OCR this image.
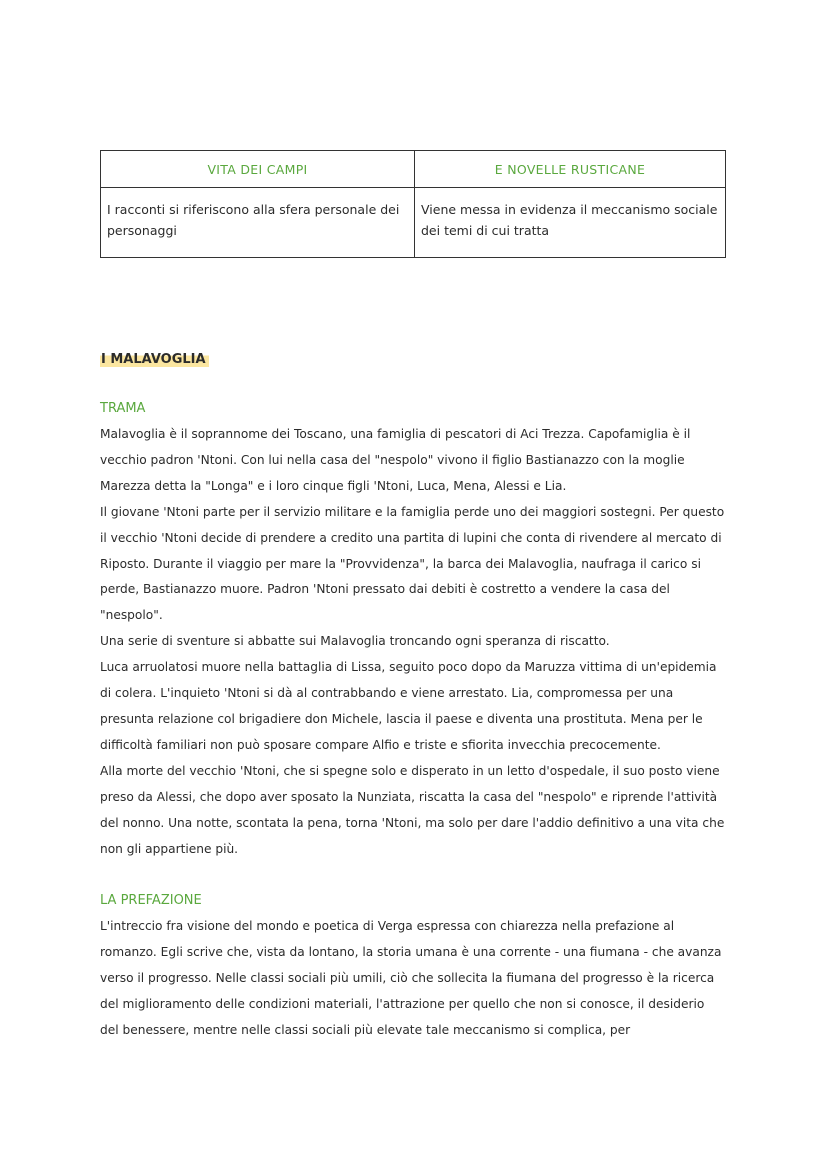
VITA DEI CAMPI	E NOVELLE RUSTICANE
I racconti si riferiscono alla sfera personale dei personaggi	Viene messa in evidenza il meccanismo sociale dei temi di cui tratta
I MALAVOGLIA
TRAMA

Malavoglia è il soprannome dei Toscano, una famiglia di pescatori di Aci Trezza. Capofamiglia è il vecchio padron 'Ntoni. Con lui nella casa del "nespolo" vivono il figlio Bastianazzo con la moglie Marezza detta la "Longa" e i loro cinque figli 'Ntoni, Luca, Mena, Alessi e Lia.

Il giovane 'Ntoni parte per il servizio militare e la famiglia perde uno dei maggiori sostegni. Per questo il vecchio 'Ntoni decide di prendere a credito una partita di lupini che conta di rivendere al mercato di Riposto. Durante il viaggio per mare la "Provvidenza", la barca dei Malavoglia, naufraga il carico si perde, Bastianazzo muore. Padron 'Ntoni pressato dai debiti è costretto a vendere la casa del "nespolo".

Una serie di sventure si abbatte sui Malavoglia troncando ogni speranza di riscatto.

Luca arruolatosi muore nella battaglia di Lissa, seguito poco dopo da Maruzza vittima di un'epidemia di colera. L'inquieto 'Ntoni si dà al contrabbando e viene arrestato. Lia, compromessa per una presunta relazione col brigadiere don Michele, lascia il paese e diventa una prostituta. Mena per le difficoltà familiari non può sposare compare Alfio e triste e sfiorita invecchia precocemente.

Alla morte del vecchio 'Ntoni, che si spegne solo e disperato in un letto d'ospedale, il suo posto viene preso da Alessi, che dopo aver sposato la Nunziata, riscatta la casa del "nespolo" e riprende l'attività del nonno. Una notte, scontata la pena, torna 'Ntoni, ma solo per dare l'addio definitivo a una vita che non gli appartiene più.

LA PREFAZIONE

L'intreccio fra visione del mondo e poetica di Verga espressa con chiarezza nella prefazione al romanzo. Egli scrive che, vista da lontano, la storia umana è una corrente - una fiumana - che avanza verso il progresso. Nelle classi sociali più umili, ciò che sollecita la fiumana del progresso è la ricerca del miglioramento delle condizioni materiali, l'attrazione per quello che non si conosce, il desiderio del benessere, mentre nelle classi sociali più elevate tale meccanismo si complica, per
